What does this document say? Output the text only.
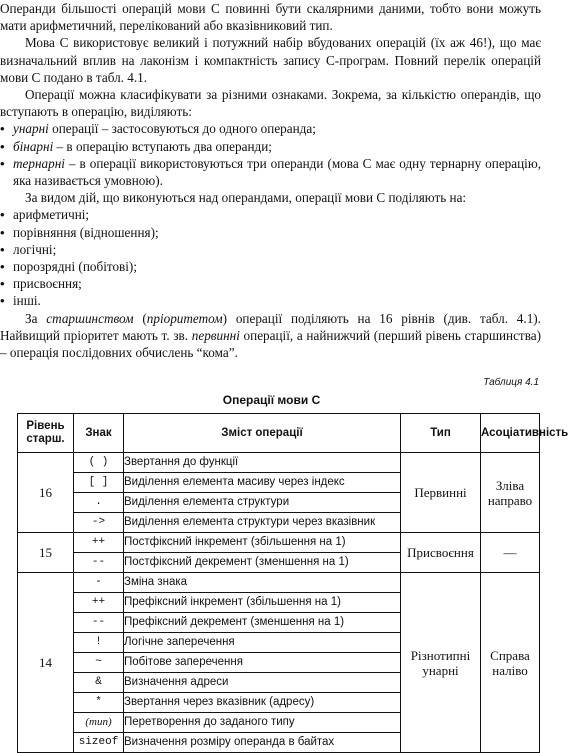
Операнди більшості операцій мови С повинні бути скалярними даними, тобто вони можуть мати арифметичний, перелікований або вказівниковий тип.

Мова С використовує великий і потужний набір вбудованих операцій (їх аж 46!), що має визначальний вплив на лаконізм і компактність запису С-програм. Повний перелік операцій мови С подано в табл. 4.1.

Операції можна класифікувати за різними ознаками. Зокрема, за кількістю операндів, що вступають в операцію, виділяють:

• унарні операції – застосовуються до одного операнда;
• бінарні – в операцію вступають два операнди;
• тернарні – в операції використовуються три операнди (мова С має одну тернарну операцію, яка називається умовною).

За видом дій, що виконуються над операндами, операції мови С поділяють на:

• арифметичні;
• порівняння (відношення);
• логічні;
• порозрядні (побітові);
• присвоєння;
• інші.

За старшинством (пріоритетом) операції поділяють на 16 рівнів (див. табл. 4.1). Найвищий пріоритет мають т. зв. первинні операції, а найнижчий (перший рівень старшинства) – операція послідовних обчислень “кома”.

Таблиця 4.1
Операції мови С
Рівень старш.	Знак	Зміст операції	Тип	Асоціативність
16	( )	Звертання до функції	Первинні	Зліва направо
	[ ]	Виділення елемента масиву через індекс		
	.	Виділення елемента структури		
	->	Виділення елемента структури через вказівник		
15	++	Постфіксний інкремент (збільшення на 1)	Присвоєння	—
	--	Постфіксний декремент (зменшення на 1)		
14	-	Зміна знака	Різнотипні унарні	Справа наліво
	++	Префіксний інкремент (збільшення на 1)		
	--	Префіксний декремент (зменшення на 1)		
	!	Логічне заперечення		
	~	Побітове заперечення		
	&	Визначення адреси		
	*	Звертання через вказівник (адресу)		
	(тип)	Перетворення до заданого типу		
	sizeof	Визначення розміру операнда в байтах		
